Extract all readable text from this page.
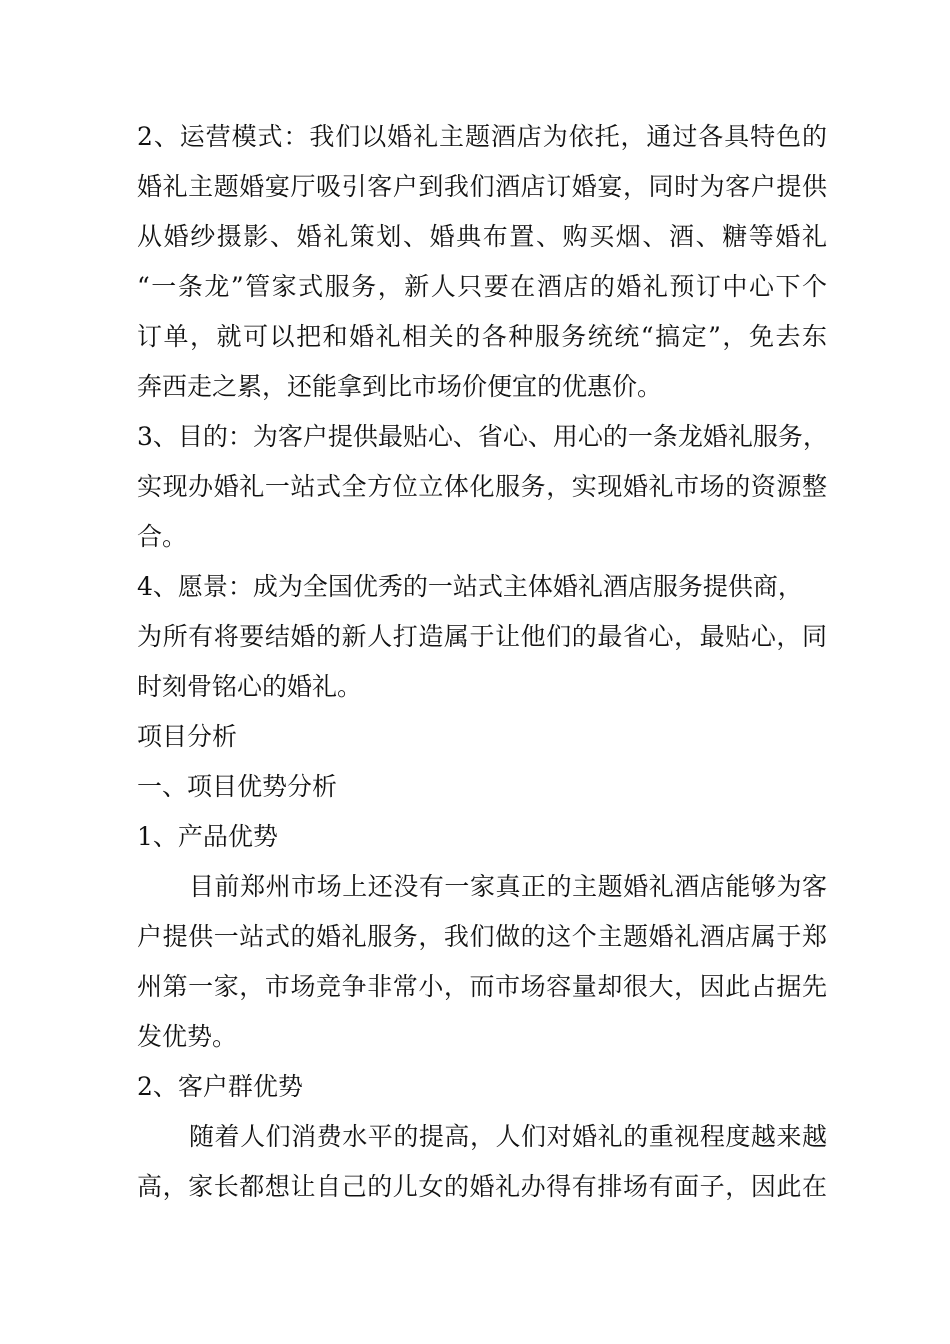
2、运营模式：我们以婚礼主题酒店为依托，通过各具特色的
婚礼主题婚宴厅吸引客户到我们酒店订婚宴，同时为客户提供
从婚纱摄影、婚礼策划、婚典布置、购买烟、酒、糖等婚礼
“一条龙”管家式服务，新人只要在酒店的婚礼预订中心下个
订单，就可以把和婚礼相关的各种服务统统“搞定”，免去东
奔西走之累，还能拿到比市场价便宜的优惠价。
3、目的：为客户提供最贴心、省心、用心的一条龙婚礼服务，
实现办婚礼一站式全方位立体化服务，实现婚礼市场的资源整
合。
4、愿景：成为全国优秀的一站式主体婚礼酒店服务提供商，
为所有将要结婚的新人打造属于让他们的最省心，最贴心，同
时刻骨铭心的婚礼。
项目分析
一、项目优势分析
1、产品优势
目前郑州市场上还没有一家真正的主题婚礼酒店能够为客
户提供一站式的婚礼服务，我们做的这个主题婚礼酒店属于郑
州第一家，市场竞争非常小，而市场容量却很大，因此占据先
发优势。
2、客户群优势
随着人们消费水平的提高，人们对婚礼的重视程度越来越
高，家长都想让自己的儿女的婚礼办得有排场有面子，因此在
